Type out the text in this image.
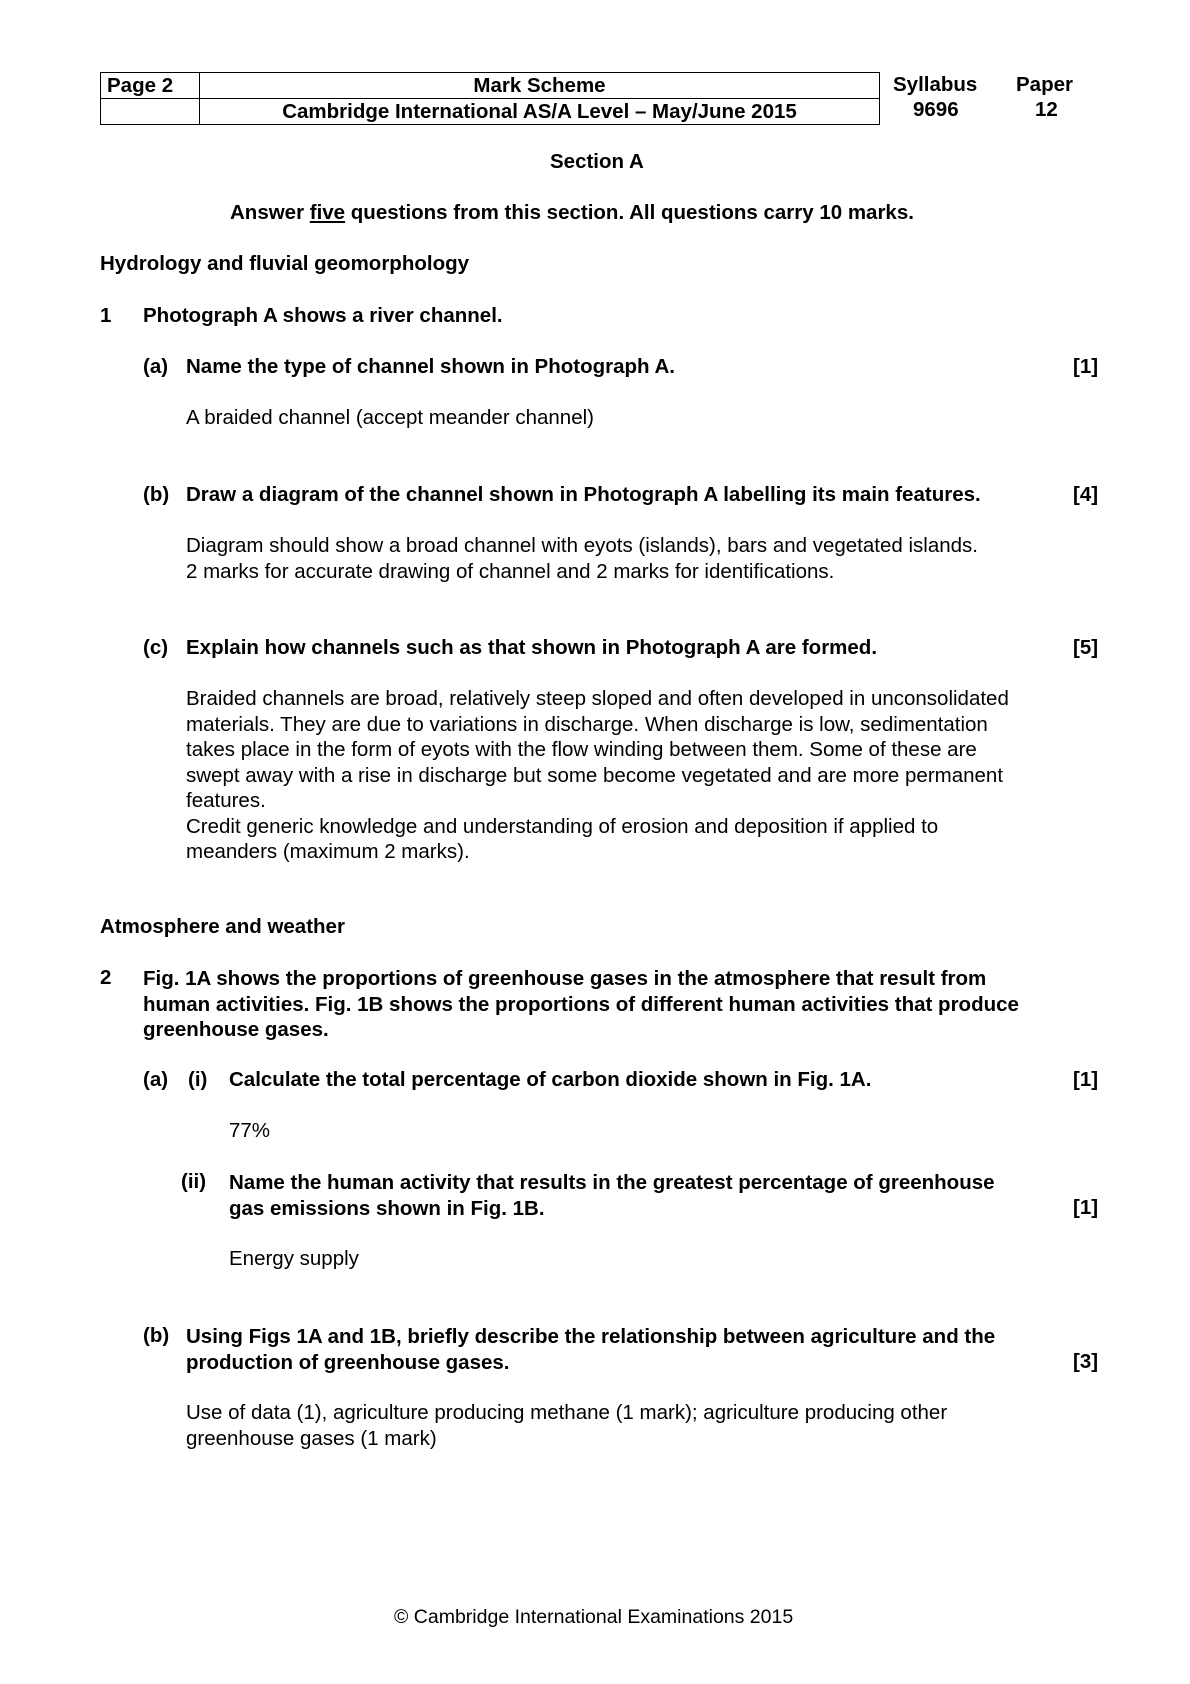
Page 2	Mark Scheme
	Cambridge International AS/A Level – May/June 2015
Syllabus
9696
Paper
12
Section A
Answer five questions from this section. All questions carry 10 marks.
Hydrology and fluvial geomorphology
1 Photograph A shows a river channel.
(a) Name the type of channel shown in Photograph A.	[1]
A braided channel (accept meander channel)
(b) Draw a diagram of the channel shown in Photograph A labelling its main features.	[4]
Diagram should show a broad channel with eyots (islands), bars and vegetated islands.
2 marks for accurate drawing of channel and 2 marks for identifications.
(c) Explain how channels such as that shown in Photograph A are formed.	[5]
Braided channels are broad, relatively steep sloped and often developed in unconsolidated
materials. They are due to variations in discharge. When discharge is low, sedimentation
takes place in the form of eyots with the flow winding between them. Some of these are
swept away with a rise in discharge but some become vegetated and are more permanent
features.
Credit generic knowledge and understanding of erosion and deposition if applied to
meanders (maximum 2 marks).
Atmosphere and weather
2 Fig. 1A shows the proportions of greenhouse gases in the atmosphere that result from
human activities. Fig. 1B shows the proportions of different human activities that produce
greenhouse gases.
(a) (i) Calculate the total percentage of carbon dioxide shown in Fig. 1A.	[1]
77%
(ii) Name the human activity that results in the greatest percentage of greenhouse
gas emissions shown in Fig. 1B.	[1]
Energy supply
(b) Using Figs 1A and 1B, briefly describe the relationship between agriculture and the
production of greenhouse gases.	[3]
Use of data (1), agriculture producing methane (1 mark); agriculture producing other
greenhouse gases (1 mark)
© Cambridge International Examinations 2015
